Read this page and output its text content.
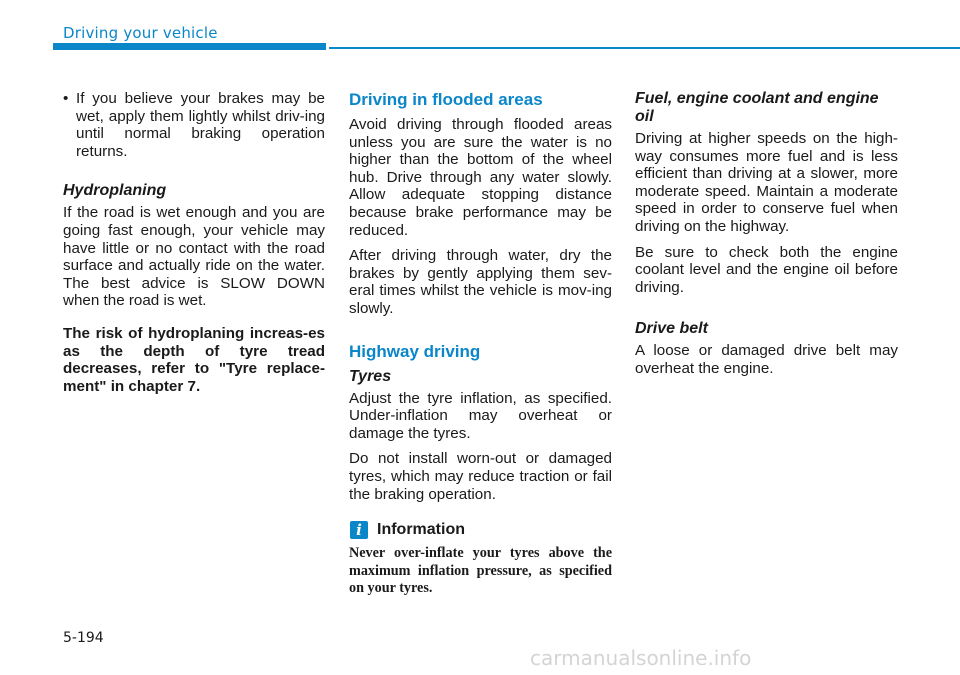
Driving your vehicle
• If you believe your brakes may be wet, apply them lightly whilst driv-ing until normal braking operation returns.
Hydroplaning

If the road is wet enough and you are going fast enough, your vehicle may have little or no contact with the road surface and actually ride on the water. The best advice is SLOW DOWN when the road is wet.

The risk of hydroplaning increas-es as the depth of tyre tread decreases, refer to "Tyre replace-ment" in chapter 7.

Driving in flooded areas

Avoid driving through flooded areas unless you are sure the water is no higher than the bottom of the wheel hub. Drive through any water slowly. Allow adequate stopping distance because brake performance may be reduced.

After driving through water, dry the brakes by gently applying them sev-eral times whilst the vehicle is mov-ing slowly.

Highway driving
Tyres

Adjust the tyre inflation, as specified. Under-inflation may overheat or damage the tyres.

Do not install worn-out or damaged tyres, which may reduce traction or fail the braking operation.

i Information

Never over-inflate your tyres above the maximum inflation pressure, as specified on your tyres.

Fuel, engine coolant and engine oil

Driving at higher speeds on the high-way consumes more fuel and is less efficient than driving at a slower, more moderate speed. Maintain a moderate speed in order to conserve fuel when driving on the highway.

Be sure to check both the engine coolant level and the engine oil before driving.

Drive belt

A loose or damaged drive belt may overheat the engine.

5-194
carmanualsonline.info
